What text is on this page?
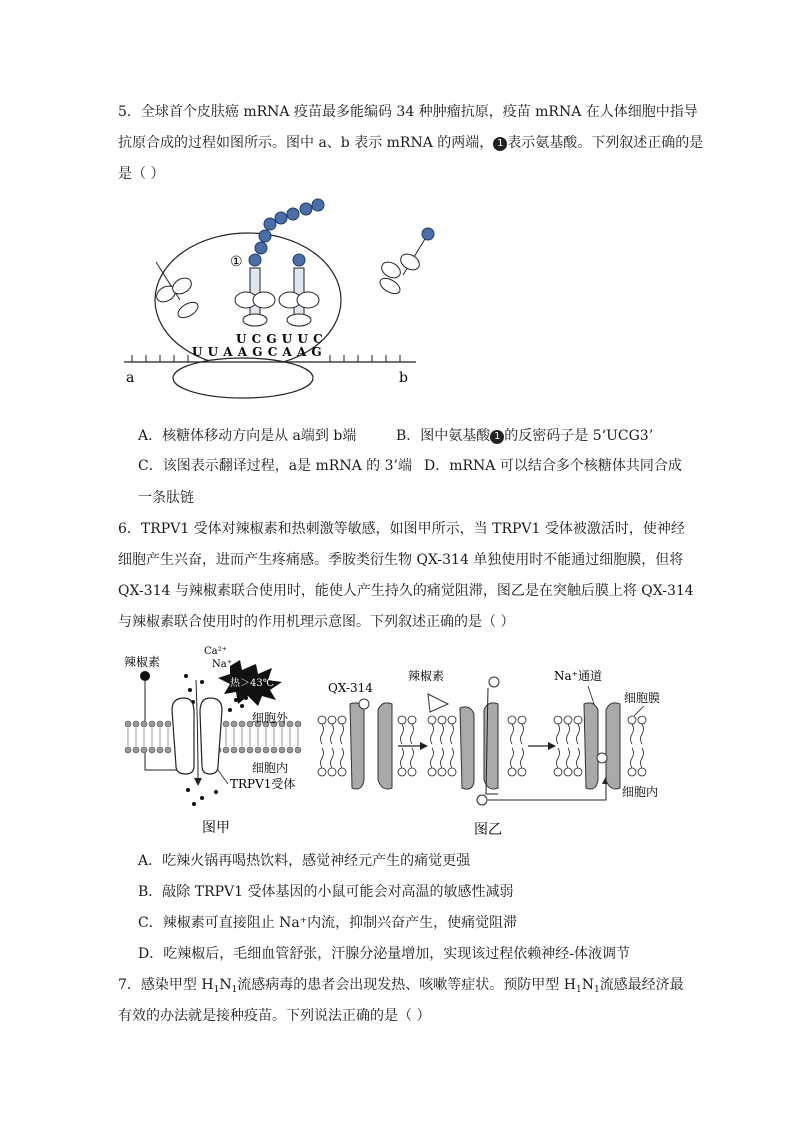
5．全球首个皮肤癌 mRNA 疫苗最多能编码 34 种肿瘤抗原，疫苗 mRNA 在人体细胞中指导
抗原合成的过程如图所示。图中 a、b 表示 mRNA 的两端， 1 表示氨基酸。下列叙述正确的是
是（ ）
a	b
U U A A G C A A G
U C G U U C
①
A．核糖体移动方向是从 a端到 b端	B．图中氨基酸 1 的反密码子是 5‘UCG3’
C．该图表示翻译过程，a是 mRNA 的 3’端 D．mRNA 可以结合多个核糖体共同合成
一条肽链
6．TRPV1 受体对辣椒素和热刺激等敏感，如图甲所示，当 TRPV1 受体被激活时，使神经
细胞产生兴奋，进而产生疼痛感。季胺类衍生物 QX-314 单独使用时不能通过细胞膜，但将
QX-314 与辣椒素联合使用时，能使人产生持久的痛觉阻滞，图乙是在突触后膜上将 QX-314
与辣椒素联合使用时的作用机理示意图。下列叙述正确的是（ ）
辣椒素
Ca²⁺
Na⁺
热＞43℃
细胞外
细胞内
TRPV1受体
图甲
QX-314
辣椒素	Na⁺通道
细胞膜
细胞内
图乙
A．吃辣火锅再喝热饮料，感觉神经元产生的痛觉更强
B．敲除 TRPV1 受体基因的小鼠可能会对高温的敏感性减弱
C．辣椒素可直接阻止 Na⁺内流，抑制兴奋产生，使痛觉阻滞
D．吃辣椒后，毛细血管舒张，汗腺分泌量增加，实现该过程依赖神经-体液调节
7．感染甲型 $H_1N_1$流感病毒的患者会出现发热、咳嗽等症状。预防甲型 $H_1N_1$流感最经济最
有效的办法就是接种疫苗。下列说法正确的是（ ）
